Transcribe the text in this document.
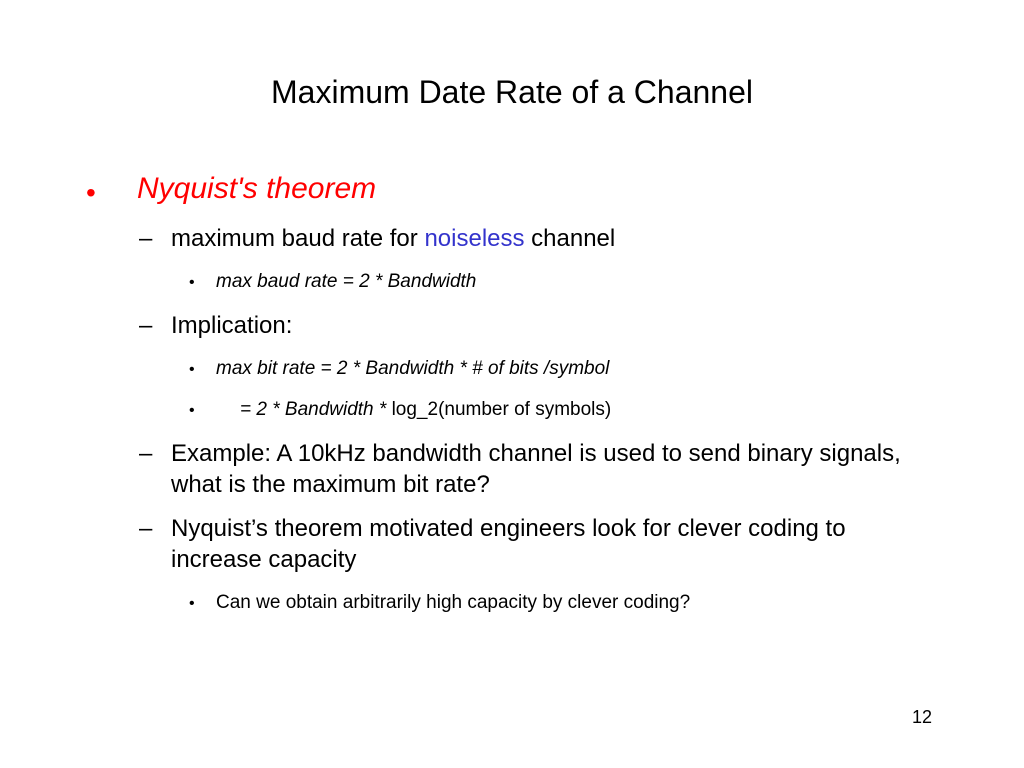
Maximum Date Rate of a Channel
• Nyquist's theorem
– maximum baud rate for noiseless channel
• max baud rate = 2 * Bandwidth
– Implication:
• max bit rate = 2 * Bandwidth * # of bits /symbol
• = 2 * Bandwidth * log_2(number of symbols)
– Example: A 10kHz bandwidth channel is used to send binary signals, what is the maximum bit rate?
– Nyquist’s theorem motivated engineers look for clever coding to increase capacity
• Can we obtain arbitrarily high capacity by clever coding?
12
